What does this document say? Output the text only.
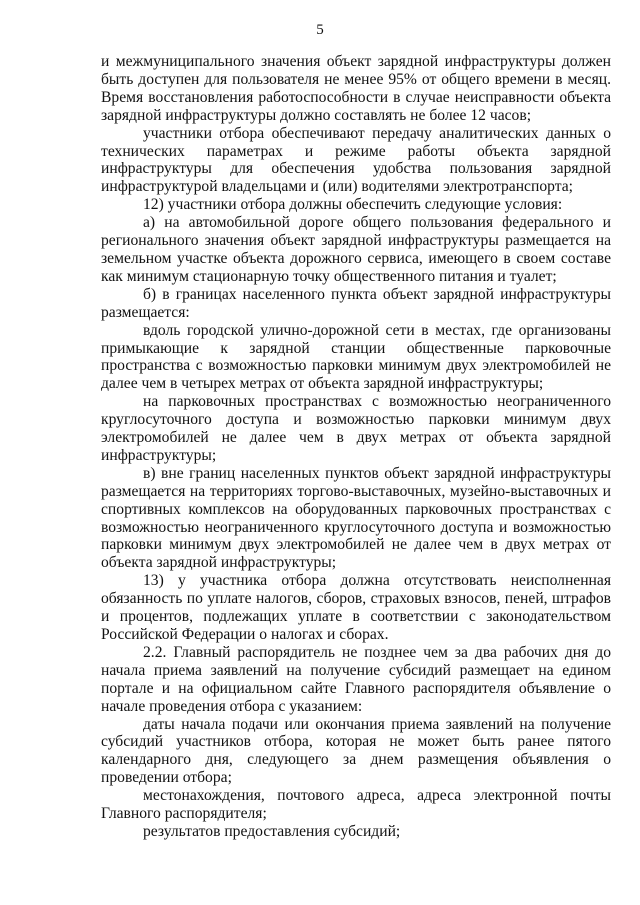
5

и межмуниципального значения объект зарядной инфраструктуры должен быть доступен для пользователя не менее 95% от общего времени в месяц. Время восстановления работоспособности в случае неисправности объекта зарядной инфраструктуры должно составлять не более 12 часов;

участники отбора обеспечивают передачу аналитических данных о технических параметрах и режиме работы объекта зарядной инфраструктуры для обеспечения удобства пользования зарядной инфраструктурой владельцами и (или) водителями электротранспорта;

12) участники отбора должны обеспечить следующие условия:

а) на автомобильной дороге общего пользования федерального и регионального значения объект зарядной инфраструктуры размещается на земельном участке объекта дорожного сервиса, имеющего в своем составе как минимум стационарную точку общественного питания и туалет;

б) в границах населенного пункта объект зарядной инфраструктуры размещается:

вдоль городской улично-дорожной сети в местах, где организованы примыкающие к зарядной станции общественные парковочные пространства с возможностью парковки минимум двух электромобилей не далее чем в четырех метрах от объекта зарядной инфраструктуры;

на парковочных пространствах с возможностью неограниченного круглосуточного доступа и возможностью парковки минимум двух электромобилей не далее чем в двух метрах от объекта зарядной инфраструктуры;

в) вне границ населенных пунктов объект зарядной инфраструктуры размещается на территориях торгово-выставочных, музейно-выставочных и спортивных комплексов на оборудованных парковочных пространствах с возможностью неограниченного круглосуточного доступа и возможностью парковки минимум двух электромобилей не далее чем в двух метрах от объекта зарядной инфраструктуры;

13) у участника отбора должна отсутствовать неисполненная обязанность по уплате налогов, сборов, страховых взносов, пеней, штрафов и процентов, подлежащих уплате в соответствии с законодательством Российской Федерации о налогах и сборах.

2.2. Главный распорядитель не позднее чем за два рабочих дня до начала приема заявлений на получение субсидий размещает на едином портале и на официальном сайте Главного распорядителя объявление о начале проведения отбора с указанием:

даты начала подачи или окончания приема заявлений на получение субсидий участников отбора, которая не может быть ранее пятого календарного дня, следующего за днем размещения объявления о проведении отбора;

местонахождения, почтового адреса, адреса электронной почты Главного распорядителя;

результатов предоставления субсидий;
